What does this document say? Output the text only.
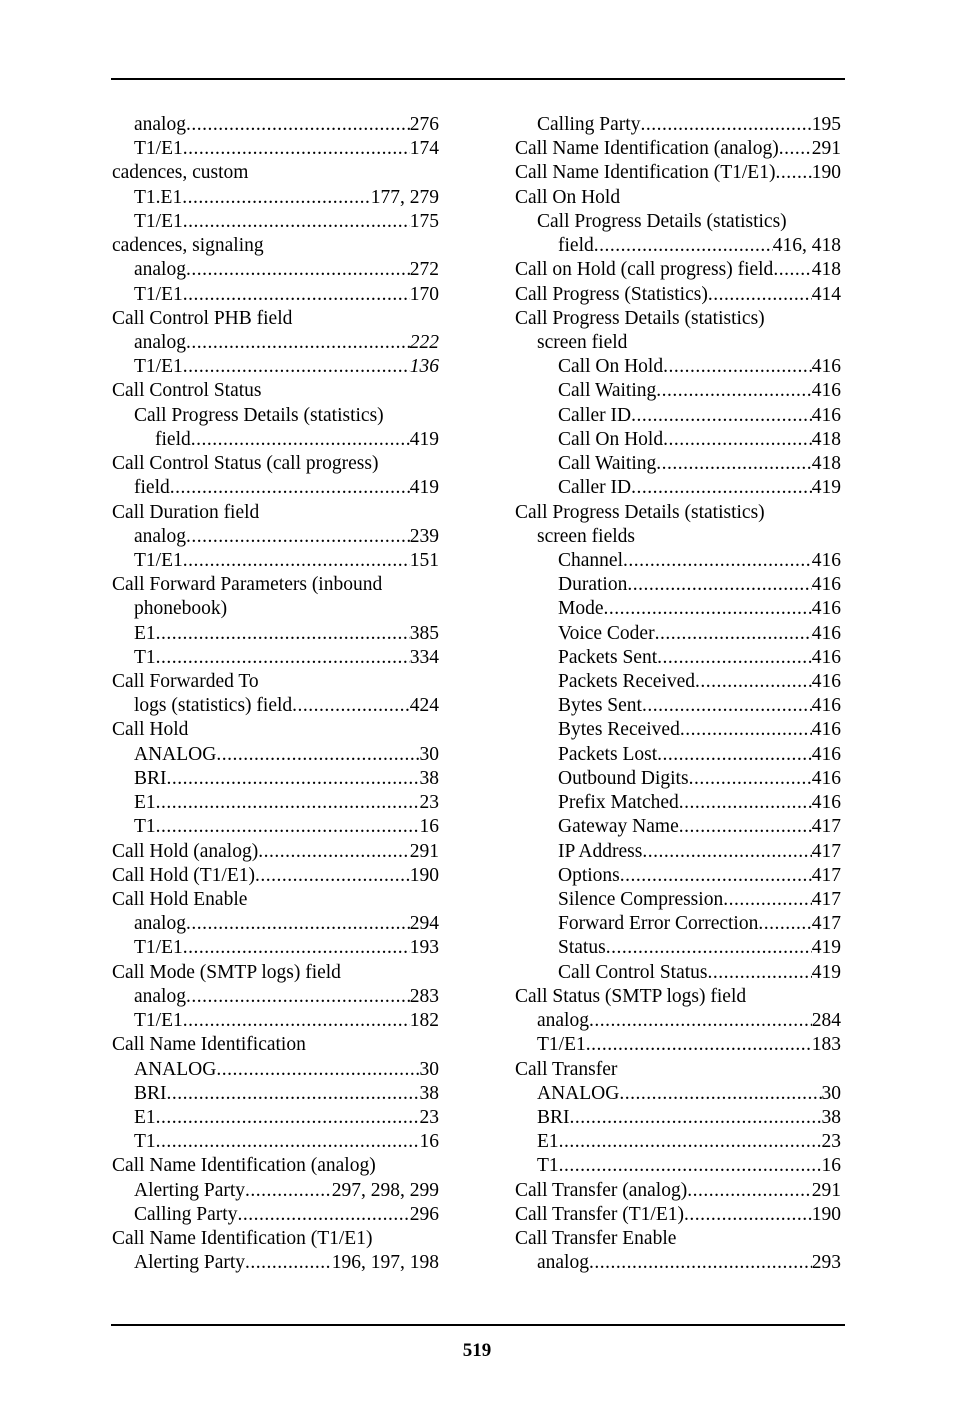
analog .....	276
T1/E1 .....	174
cadences, custom
T1.E1 .....	177, 279
T1/E1 .....	175
cadences, signaling
analog .....	272
T1/E1 .....	170
Call Control PHB field
analog .....	222
T1/E1 .....	136
Call Control Status
Call Progress Details (statistics)
field .....	419
Call Control Status (call progress)
field .....	419
Call Duration field
analog .....	239
T1/E1 .....	151
Call Forward Parameters (inbound
phonebook)
E1 .....	385
T1 .....	334
Call Forwarded To
logs (statistics) field .....	424
Call Hold
ANALOG .....	30
BRI .....	38
E1 .....	23
T1 .....	16
Call Hold (analog) .....	291
Call Hold (T1/E1) .....	190
Call Hold Enable
analog .....	294
T1/E1 .....	193
Call Mode (SMTP logs) field
analog .....	283
T1/E1 .....	182
Call Name Identification
ANALOG .....	30
BRI .....	38
E1 .....	23
T1 .....	16
Call Name Identification (analog)
Alerting Party .....	297, 298, 299
Calling Party .....	296
Call Name Identification (T1/E1)
Alerting Party .....	196, 197, 198
Calling Party .....	195
Call Name Identification (analog) ..... 291
Call Name Identification (T1/E1) ..... 190
Call On Hold
Call Progress Details (statistics)
field .....	416, 418
Call on Hold (call progress) field ..... 418
Call Progress (Statistics) .....	414
Call Progress Details (statistics)
screen field
Call On Hold .....	416
Call Waiting .....	416
Caller ID .....	416
Call On Hold .....	418
Call Waiting .....	418
Caller ID .....	419
Call Progress Details (statistics)
screen fields
Channel .....	416
Duration .....	416
Mode .....	416
Voice Coder .....	416
Packets Sent .....	416
Packets Received .....	416
Bytes Sent .....	416
Bytes Received .....	416
Packets Lost .....	416
Outbound Digits .....	416
Prefix Matched .....	416
Gateway Name .....	417
IP Address .....	417
Options .....	417
Silence Compression .....	417
Forward Error Correction .....	417
Status .....	419
Call Control Status .....	419
Call Status (SMTP logs) field
analog .....	284
T1/E1 .....	183
Call Transfer
ANALOG .....	30
BRI .....	38
E1 .....	23
T1 .....	16
Call Transfer (analog) .....	291
Call Transfer (T1/E1) .....	190
Call Transfer Enable
analog .....	293
519
